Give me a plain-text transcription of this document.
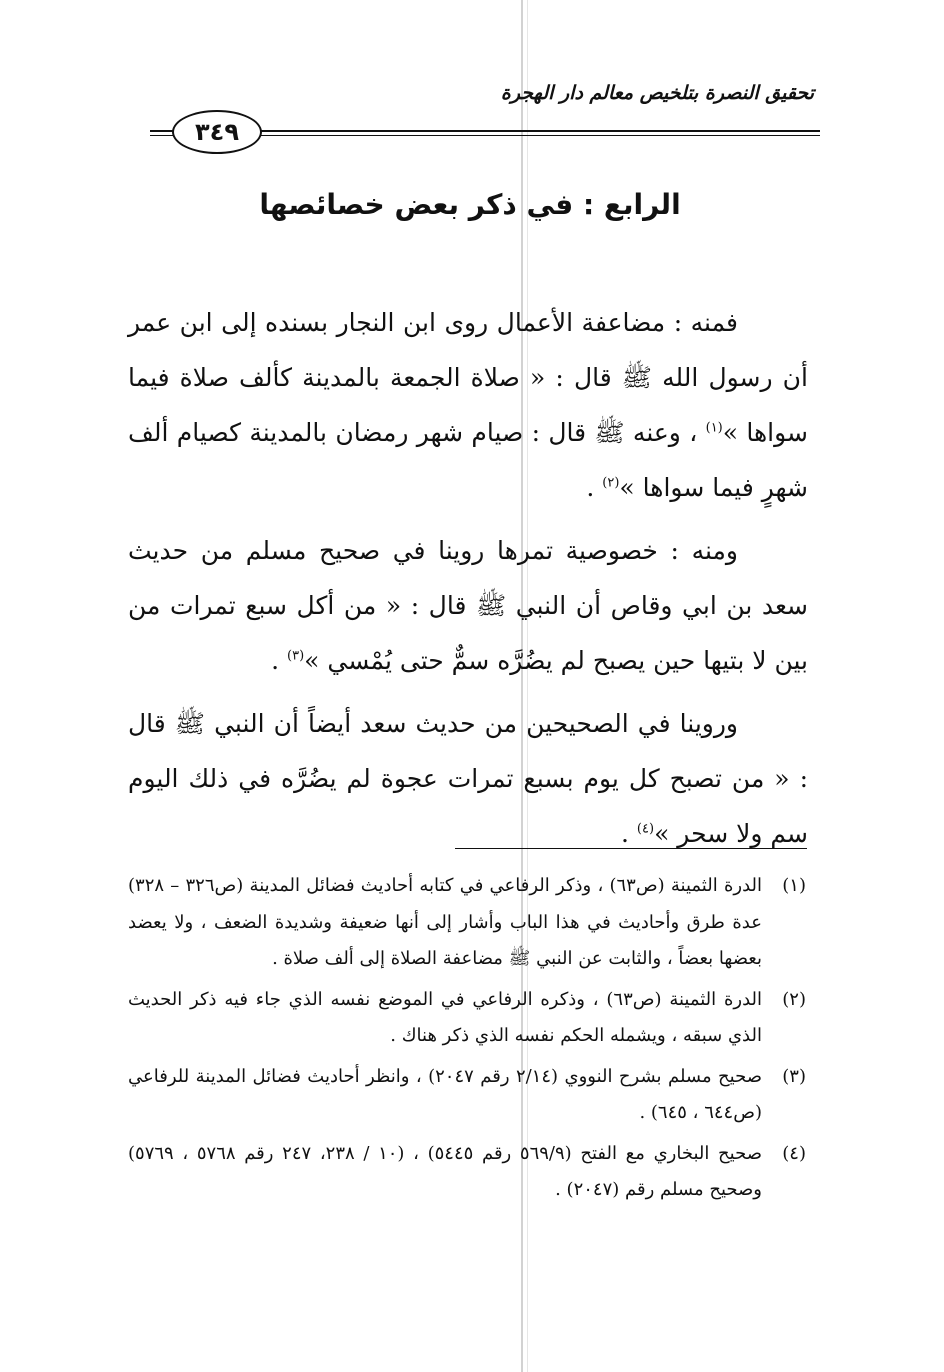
تحقيق النصرة بتلخيص معالم دار الهجرة
٣٤٩
الرابع : في ذكر بعض خصائصها

فمنه : مضاعفة الأعمال روى ابن النجار بسنده إلى ابن عمر أن رسول الله ﷺ قال : « صلاة الجمعة بالمدينة كألف صلاة فيما سواها »$^{(١)}$ ، وعنه ﷺ قال : صيام شهر رمضان بالمدينة كصيام ألف شهرٍ فيما سواها »$^{(٢)}$ .

ومنه : خصوصية تمرها روينا في صحيح مسلم من حديث سعد بن ابي وقاص أن النبي ﷺ قال : « من أكل سبع تمرات من بين لا بتيها حين يصبح لم يضُرَّه سمٌّ حتى يُمْسي »$^{(٣)}$ .

وروينا في الصحيحين من حديث سعد أيضاً أن النبي ﷺ قال : « من تصبح كل يوم بسبع تمرات عجوة لم يضُرَّه في ذلك اليوم سم ولا سحر »$^{(٤)}$ .

(١)
الدرة الثمينة (ص٦٣) ، وذكر الرفاعي في كتابه أحاديث فضائل المدينة (ص٣٢٦ – ٣٢٨) عدة طرق وأحاديث في هذا الباب وأشار إلى أنها ضعيفة وشديدة الضعف ، ولا يعضد بعضها بعضاً ، والثابت عن النبي ﷺ مضاعفة الصلاة إلى ألف صلاة .
(٢)
الدرة الثمينة (ص٦٣) ، وذكره الرفاعي في الموضع نفسه الذي جاء فيه ذكر الحديث الذي سبقه ، ويشمله الحكم نفسه الذي ذكر هناك .
(٣)
صحيح مسلم بشرح النووي (٢/١٤ رقم ٢٠٤٧) ، وانظر أحاديث فضائل المدينة للرفاعي (ص٦٤٤ ، ٦٤٥) .
(٤)
صحيح البخاري مع الفتح (٥٦٩/٩ رقم ٥٤٤٥) ، (١٠ / ٢٣٨، ٢٤٧ رقم ٥٧٦٨ ، ٥٧٦٩) وصحيح مسلم رقم (٢٠٤٧) .
